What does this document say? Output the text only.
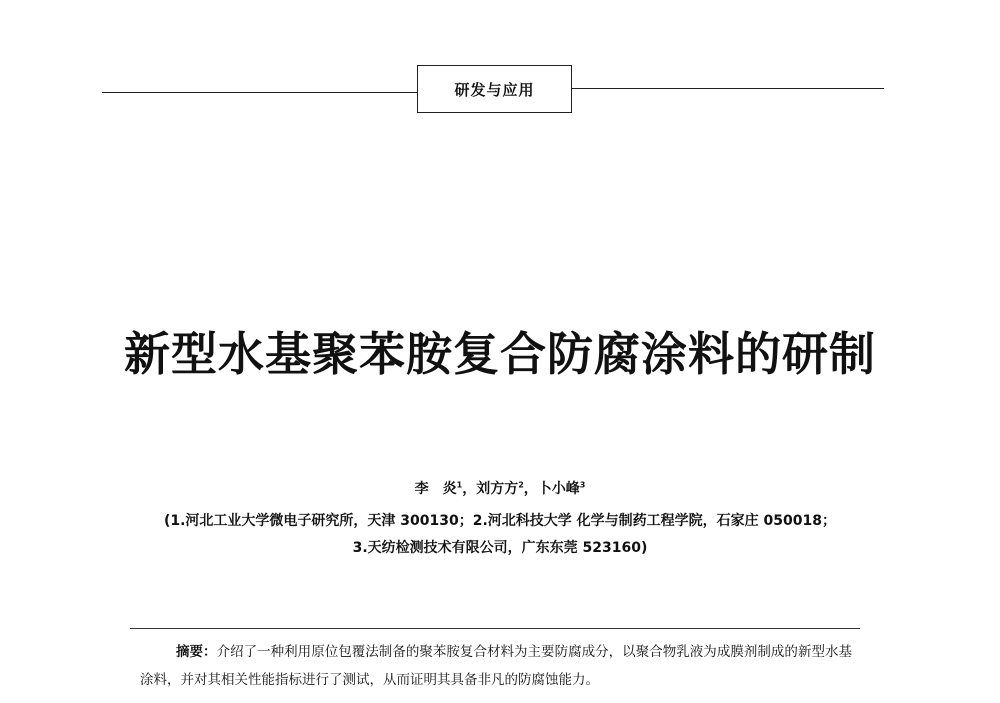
研发与应用
新型水基聚苯胺复合防腐涂料的研制
李　炎$^1$，刘方方$^2$，卜小峰$^3$
(1.河北工业大学微电子研究所，天津 300130；2.河北科技大学 化学与制药工程学院，石家庄 050018；
3.天纺检测技术有限公司，广东东莞 523160)
摘要：介绍了一种利用原位包覆法制备的聚苯胺复合材料为主要防腐成分，以聚合物乳液为成膜剂制成的新型水基涂料，并对其相关性能指标进行了测试，从而证明其具备非凡的防腐蚀能力。
